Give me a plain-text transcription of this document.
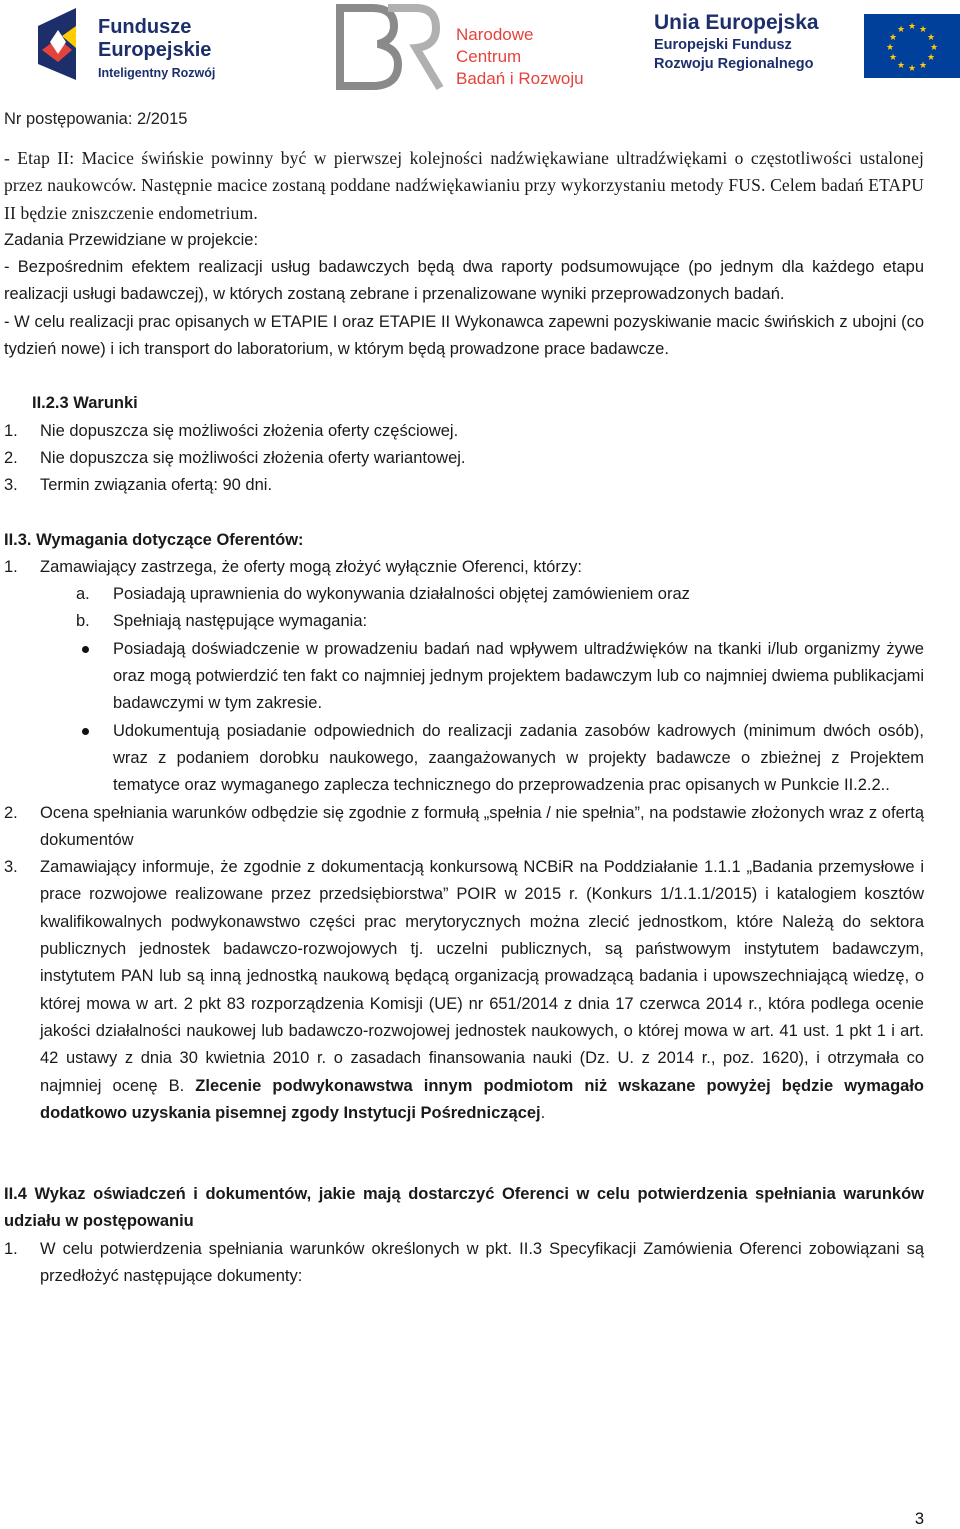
Fundusze
Europejskie
Inteligentny Rozwój
Narodowe Centrum
Badań i Rozwoju
Unia Europejska
Europejski Fundusz
Rozwoju Regionalnego
★ ★
★
★
★
★
★
★
★
★
★
★
Nr postępowania: 2/2015

- Etap II: Macice świńskie powinny być w pierwszej kolejności nadźwiękawiane ultradźwiękami o częstotliwości ustalonej przez naukowców. Następnie macice zostaną poddane nadźwiękawianiu przy wykorzystaniu metody FUS. Celem badań ETAPU II będzie zniszczenie endometrium.

Zadania Przewidziane w projekcie:

- Bezpośrednim efektem realizacji usług badawczych będą dwa raporty podsumowujące (po jednym dla każdego etapu realizacji usługi badawczej), w których zostaną zebrane i przenalizowane wyniki przeprowadzonych badań.

- W celu realizacji prac opisanych w ETAPIE I oraz ETAPIE II Wykonawca zapewni pozyskiwanie macic świńskich z ubojni (co tydzień nowe) i ich transport do laboratorium, w którym będą prowadzone prace badawcze.

II.2.3 Warunki

1.	Nie dopuszcza się możliwości złożenia oferty częściowej.
2.	Nie dopuszcza się możliwości złożenia oferty wariantowej.
3.	Termin związania ofertą: 90 dni.

II.3. Wymagania dotyczące Oferentów:

1.	Zamawiający zastrzega, że oferty mogą złożyć wyłącznie Oferenci, którzy:
a.	Posiadają uprawnienia do wykonywania działalności objętej zamówieniem oraz
b.	Spełniają następujące wymagania:
Posiadają doświadczenie w prowadzeniu badań nad wpływem ultradźwięków na tkanki i/lub organizmy żywe oraz mogą potwierdzić ten fakt co najmniej jednym projektem badawczym lub co najmniej dwiema publikacjami badawczymi w tym zakresie.
Udokumentują posiadanie odpowiednich do realizacji zadania zasobów kadrowych (minimum dwóch osób), wraz z podaniem dorobku naukowego, zaangażowanych w projekty badawcze o zbieżnej z Projektem tematyce oraz wymaganego zaplecza technicznego do przeprowadzenia prac opisanych w Punkcie II.2.2..
2.	Ocena spełniania warunków odbędzie się zgodnie z formułą „spełnia / nie spełnia”, na podstawie złożonych wraz z ofertą dokumentów
3.	Zamawiający informuje, że zgodnie z dokumentacją konkursową NCBiR na Poddziałanie 1.1.1 „Badania przemysłowe i prace rozwojowe realizowane przez przedsiębiorstwa” POIR w 2015 r. (Konkurs 1/1.1.1/2015) i katalogiem kosztów kwalifikowalnych podwykonawstwo części prac merytorycznych można zlecić jednostkom, które Należą do sektora publicznych jednostek badawczo-rozwojowych tj. uczelni publicznych, są państwowym instytutem badawczym, instytutem PAN lub są inną jednostką naukową będącą organizacją prowadzącą badania i upowszechniającą wiedzę, o której mowa w art. 2 pkt 83 rozporządzenia Komisji (UE) nr 651/2014 z dnia 17 czerwca 2014 r., która podlega ocenie jakości działalności naukowej lub badawczo-rozwojowej jednostek naukowych, o której mowa w art. 41 ust. 1 pkt 1 i art. 42 ustawy z dnia 30 kwietnia 2010 r. o zasadach finansowania nauki (Dz. U. z 2014 r., poz. 1620), i otrzymała co najmniej ocenę B. Zlecenie podwykonawstwa innym podmiotom niż wskazane powyżej będzie wymagało dodatkowo uzyskania pisemnej zgody Instytucji Pośredniczącej.

II.4 Wykaz oświadczeń i dokumentów, jakie mają dostarczyć Oferenci w celu potwierdzenia spełniania warunków udziału w postępowaniu

1.	W celu potwierdzenia spełniania warunków określonych w pkt. II.3 Specyfikacji Zamówienia Oferenci zobowiązani są przedłożyć następujące dokumenty:
3
